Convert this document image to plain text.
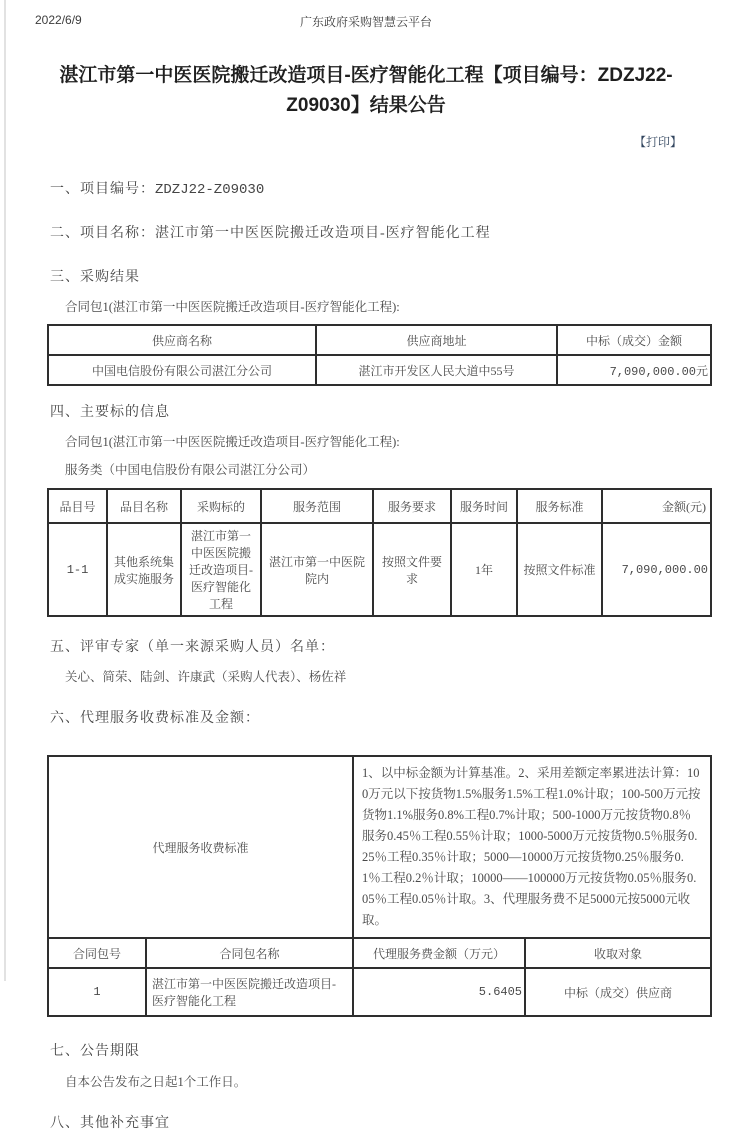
2022/6/9	广东政府采购智慧云平台
湛江市第一中医医院搬迁改造项目-医疗智能化工程【项目编号：ZDZJ22-Z09030】结果公告
【打印】
一、项目编号：ZDZJ22-Z09030
二、项目名称：湛江市第一中医医院搬迁改造项目-医疗智能化工程
三、采购结果
合同包1(湛江市第一中医医院搬迁改造项目-医疗智能化工程):
供应商名称	供应商地址	中标（成交）金额
中国电信股份有限公司湛江分公司	湛江市开发区人民大道中55号	7,090,000.00元
四、主要标的信息
合同包1(湛江市第一中医医院搬迁改造项目-医疗智能化工程):
服务类（中国电信股份有限公司湛江分公司）
品目号	品目名称	采购标的	服务范围	服务要求	服务时间	服务标准	金额(元)
1-1	其他系统集成实施服务	湛江市第一中医医院搬迁改造项目-医疗智能化工程	湛江市第一中医院院内	按照文件要求	1年	按照文件标准	7,090,000.00
五、评审专家（单一来源采购人员）名单：
关心、简荣、陆剑、许康武（采购人代表）、杨佐祥
六、代理服务收费标准及金额：
代理服务收费标准		1、以中标金额为计算基准。2、采用差额定率累进法计算：100万元以下按货物1.5%服务1.5%工程1.0%计取；100-500万元按货物1.1%服务0.8%工程0.7%计取；500-1000万元按货物0.8％服务0.45％工程0.55％计取；1000-5000万元按货物0.5％服务0.25％工程0.35％计取；5000—10000万元按货物0.25％服务0.1％工程0.2％计取；10000——100000万元按货物0.05％服务0.05％工程0.05％计取。3、代理服务费不足5000元按5000元收取。	
合同包号	合同包名称	代理服务费金额（万元）	收取对象
1	湛江市第一中医医院搬迁改造项目-医疗智能化工程	5.6405	中标（成交）供应商
七、公告期限
自本公告发布之日起1个工作日。
八、其他补充事宜
